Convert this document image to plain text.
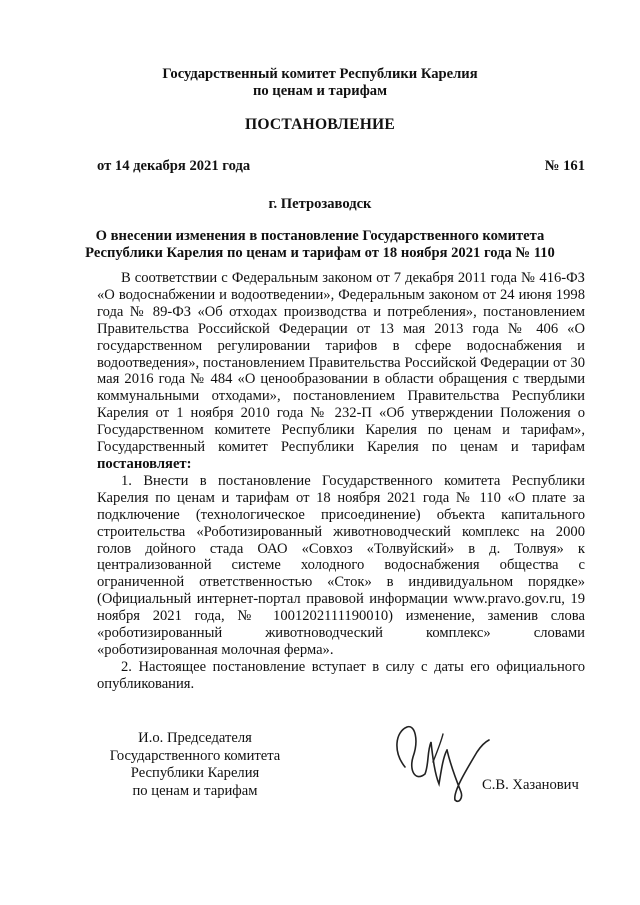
Государственный комитет Республики Карелия
по ценам и тарифам
ПОСТАНОВЛЕНИЕ
от 14 декабря 2021 года	№ 161
г. Петрозаводск
О внесении изменения в постановление Государственного комитета
Республики Карелия по ценам и тарифам от 18 ноября 2021 года № 110

В соответствии с Федеральным законом от 7 декабря 2011 года № 416-ФЗ «О водоснабжении и водоотведении», Федеральным законом от 24 июня 1998 года № 89-ФЗ «Об отходах производства и потребления», постановлением Правительства Российской Федерации от 13 мая 2013 года № 406 «О государственном регулировании тарифов в сфере водоснабжения и водоотведения», постановлением Правительства Российской Федерации от 30 мая 2016 года № 484 «О ценообразовании в области обращения с твердыми коммунальными отходами», постановлением Правительства Республики Карелия от 1 ноября 2010 года № 232-П «Об утверждении Положения о Государственном комитете Республики Карелия по ценам и тарифам», Государственный комитет Республики Карелия по ценам и тарифам постановляет:

1. Внести в постановление Государственного комитета Республики Карелия по ценам и тарифам от 18 ноября 2021 года № 110 «О плате за подключение (технологическое присоединение) объекта капитального строительства «Роботизированный животноводческий комплекс на 2000 голов дойного стада ОАО «Совхоз «Толвуйский» в д. Толвуя» к централизованной системе холодного водоснабжения общества с ограниченной ответственностью «Сток» в индивидуальном порядке» (Официальный интернет-портал правовой информации www.pravo.gov.ru, 19 ноября 2021 года, № 1001202111190010) изменение, заменив слова «роботизированный животноводческий комплекс» словами «роботизированная молочная ферма».

2. Настоящее постановление вступает в силу с даты его официального опубликования.

И.о. Председателя
Государственного комитета
Республики Карелия
по ценам и тарифам	С.В. Хазанович
